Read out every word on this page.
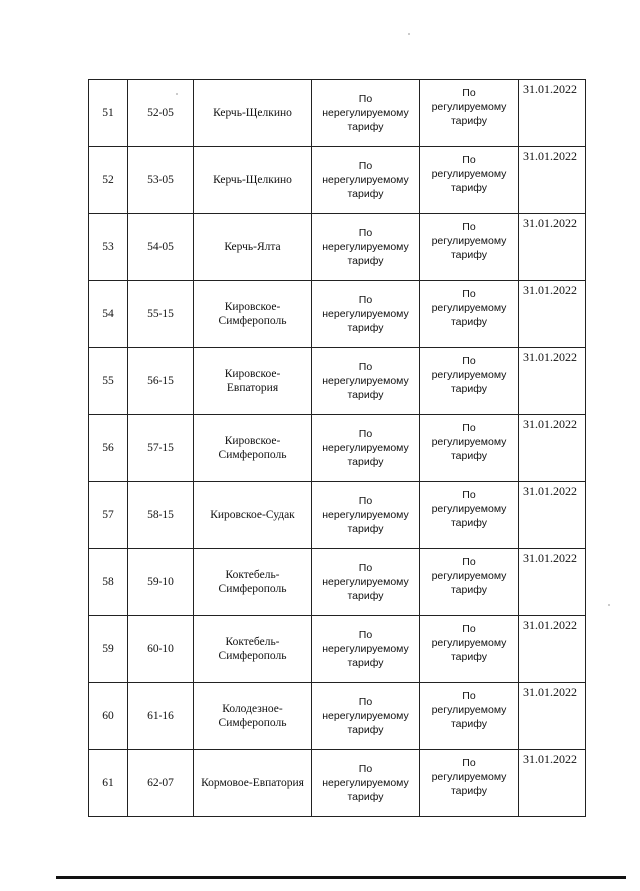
51	52-05	Керчь-Щелкино	По
нерегулируемому
тарифу	По
регулируемому
тарифу	31.01.2022
52	53-05	Керчь-Щелкино	По
нерегулируемому
тарифу	По
регулируемому
тарифу	31.01.2022
53	54-05	Керчь-Ялта	По
нерегулируемому
тарифу	По
регулируемому
тарифу	31.01.2022
54	55-15	Кировское-
Симферополь	По
нерегулируемому
тарифу	По
регулируемому
тарифу	31.01.2022
55	56-15	Кировское-
Евпатория	По
нерегулируемому
тарифу	По
регулируемому
тарифу	31.01.2022
56	57-15	Кировское-
Симферополь	По
нерегулируемому
тарифу	По
регулируемому
тарифу	31.01.2022
57	58-15	Кировское-Судак	По
нерегулируемому
тарифу	По
регулируемому
тарифу	31.01.2022
58	59-10	Коктебель-
Симферополь	По
нерегулируемому
тарифу	По
регулируемому
тарифу	31.01.2022
59	60-10	Коктебель-
Симферополь	По
нерегулируемому
тарифу	По
регулируемому
тарифу	31.01.2022
60	61-16	Колодезное-
Симферополь	По
нерегулируемому
тарифу	По
регулируемому
тарифу	31.01.2022
61	62-07	Кормовое-Евпатория	По
нерегулируемому
тарифу	По
регулируемому
тарифу	31.01.2022
